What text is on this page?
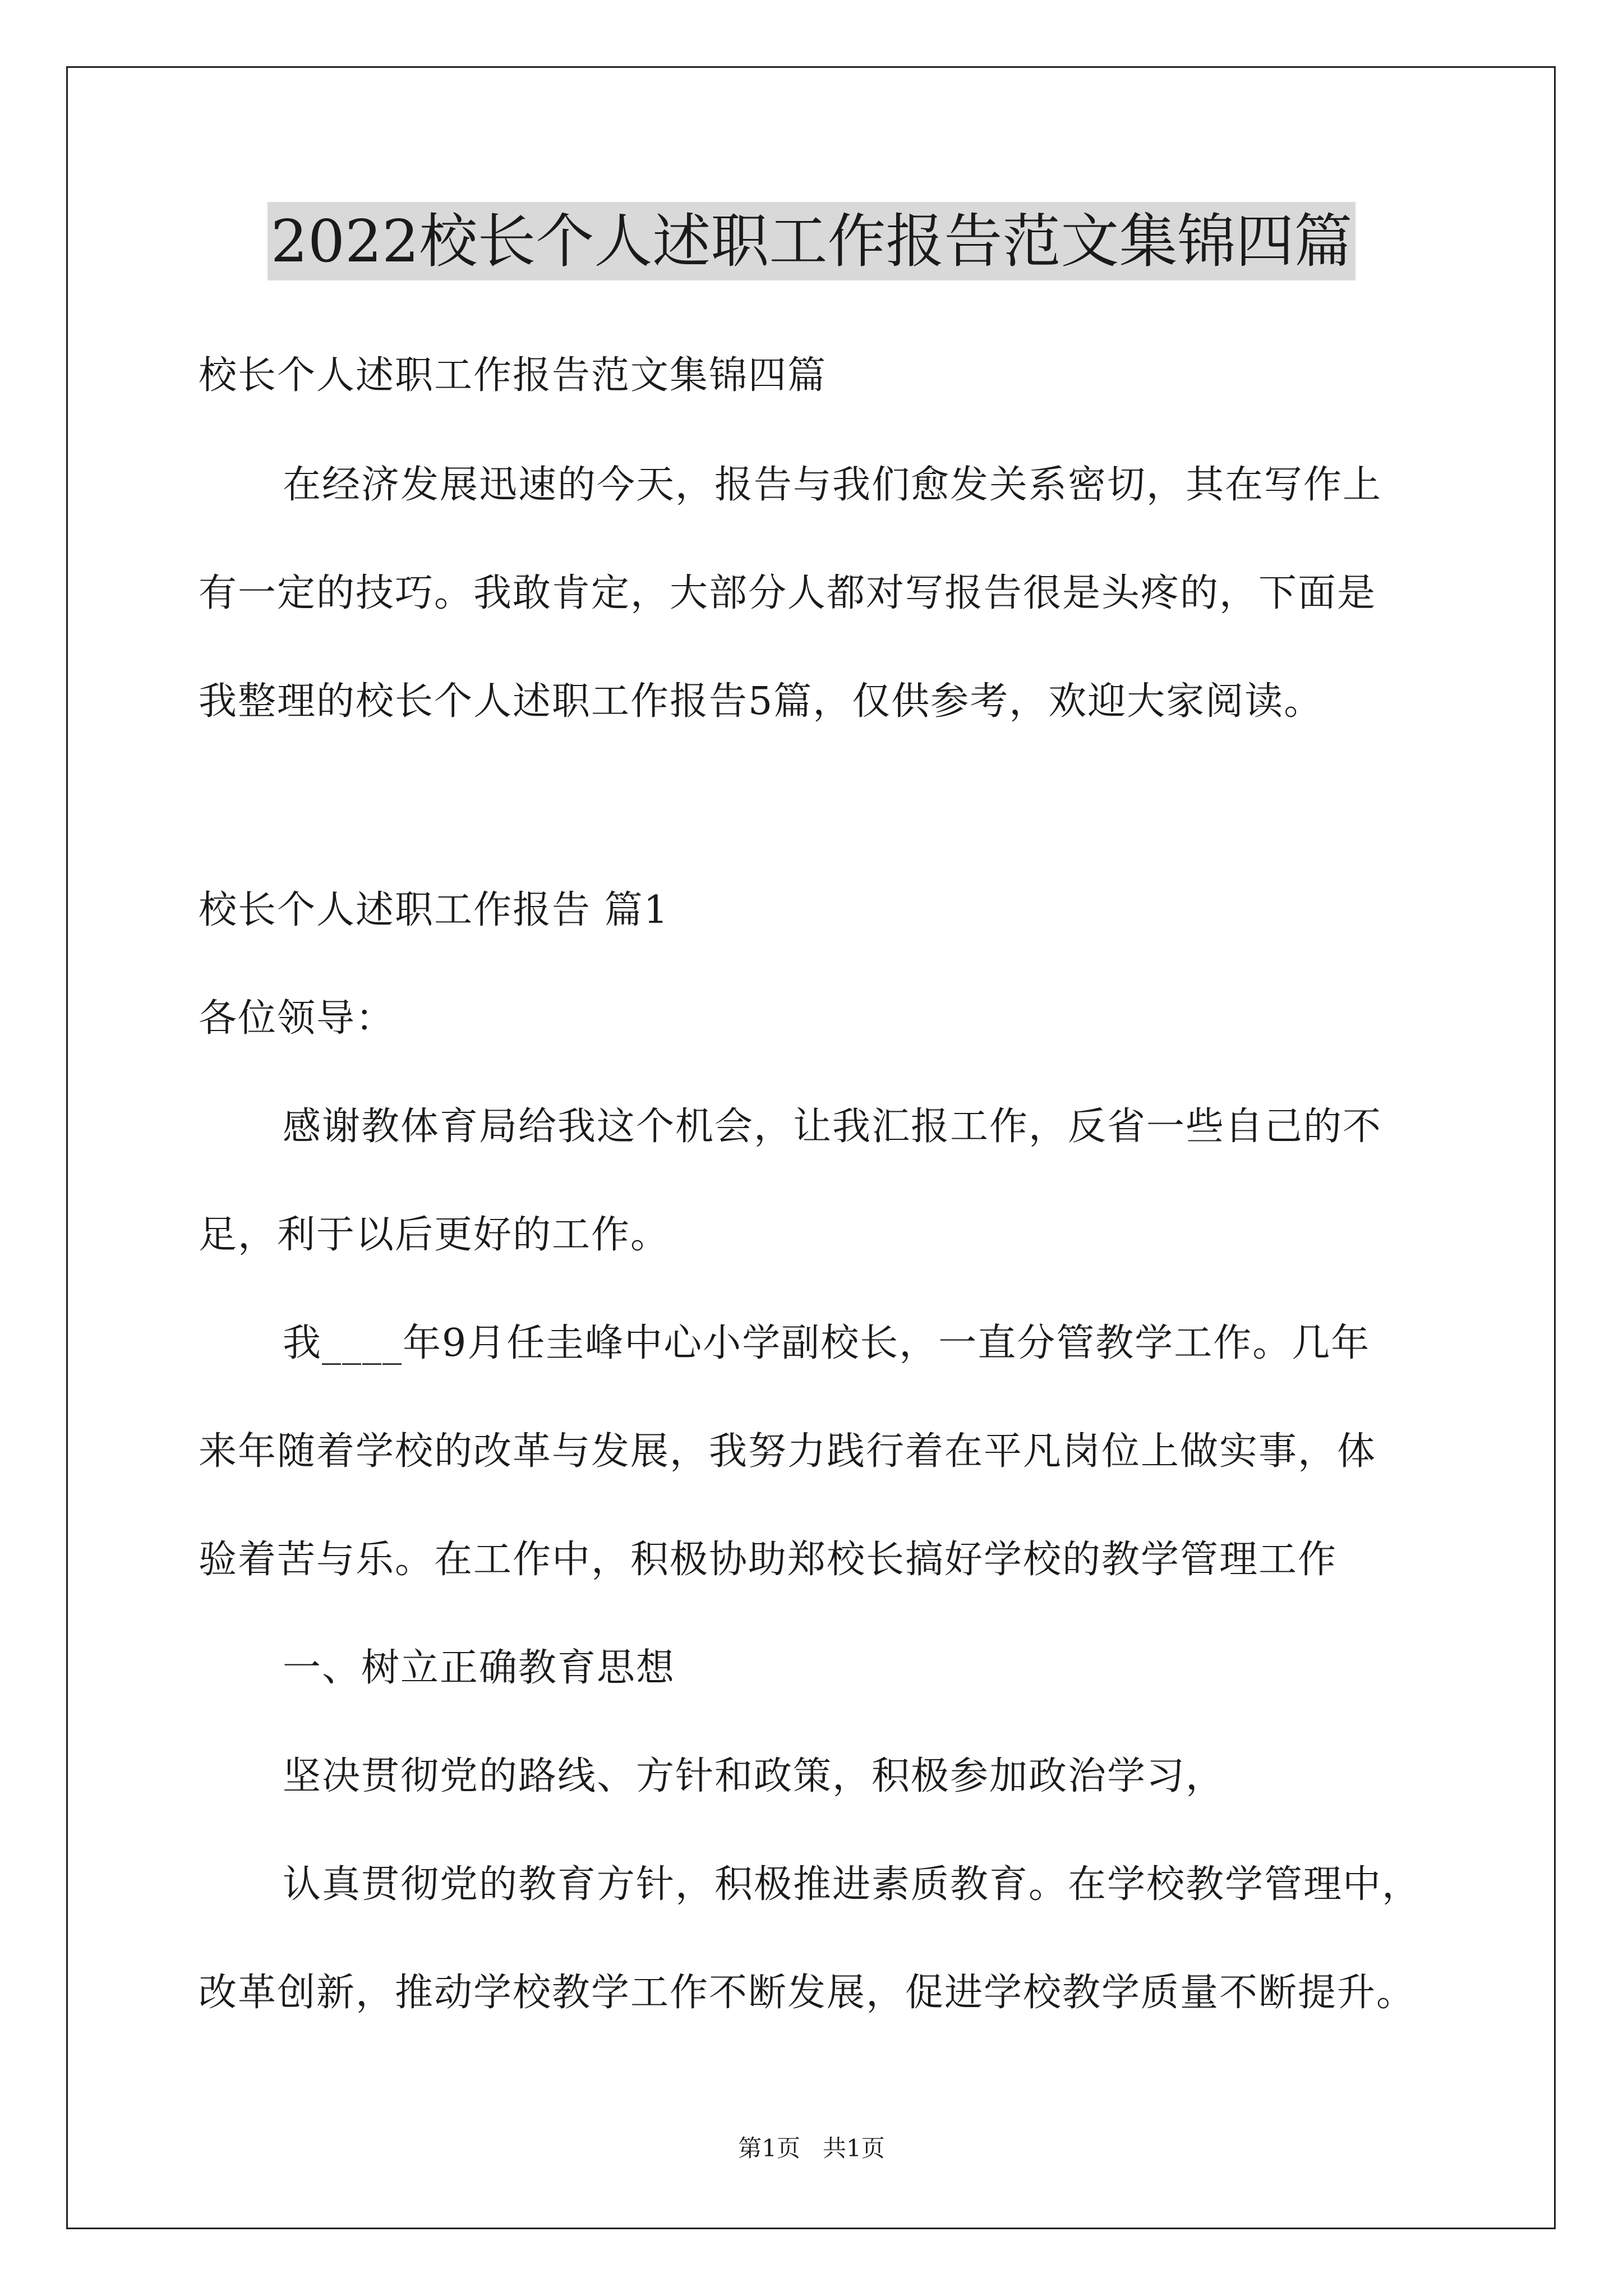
2022校长个人述职工作报告范文集锦四篇
校长个人述职工作报告范文集锦四篇
在经济发展迅速的今天，报告与我们愈发关系密切，其在写作上
有一定的技巧。我敢肯定，大部分人都对写报告很是头疼的，下面是
我整理的校长个人述职工作报告5篇，仅供参考，欢迎大家阅读。
校长个人述职工作报告 篇1
各位领导：
感谢教体育局给我这个机会，让我汇报工作，反省一些自己的不
足，利于以后更好的工作。
我____年9月任圭峰中心小学副校长，一直分管教学工作。几年
来年随着学校的改革与发展，我努力践行着在平凡岗位上做实事，体
验着苦与乐。在工作中，积极协助郑校长搞好学校的教学管理工作
一、树立正确教育思想
坚决贯彻党的路线、方针和政策，积极参加政治学习，
认真贯彻党的教育方针，积极推进素质教育。在学校教学管理中，
改革创新，推动学校教学工作不断发展，促进学校教学质量不断提升。
第1页   共1页
